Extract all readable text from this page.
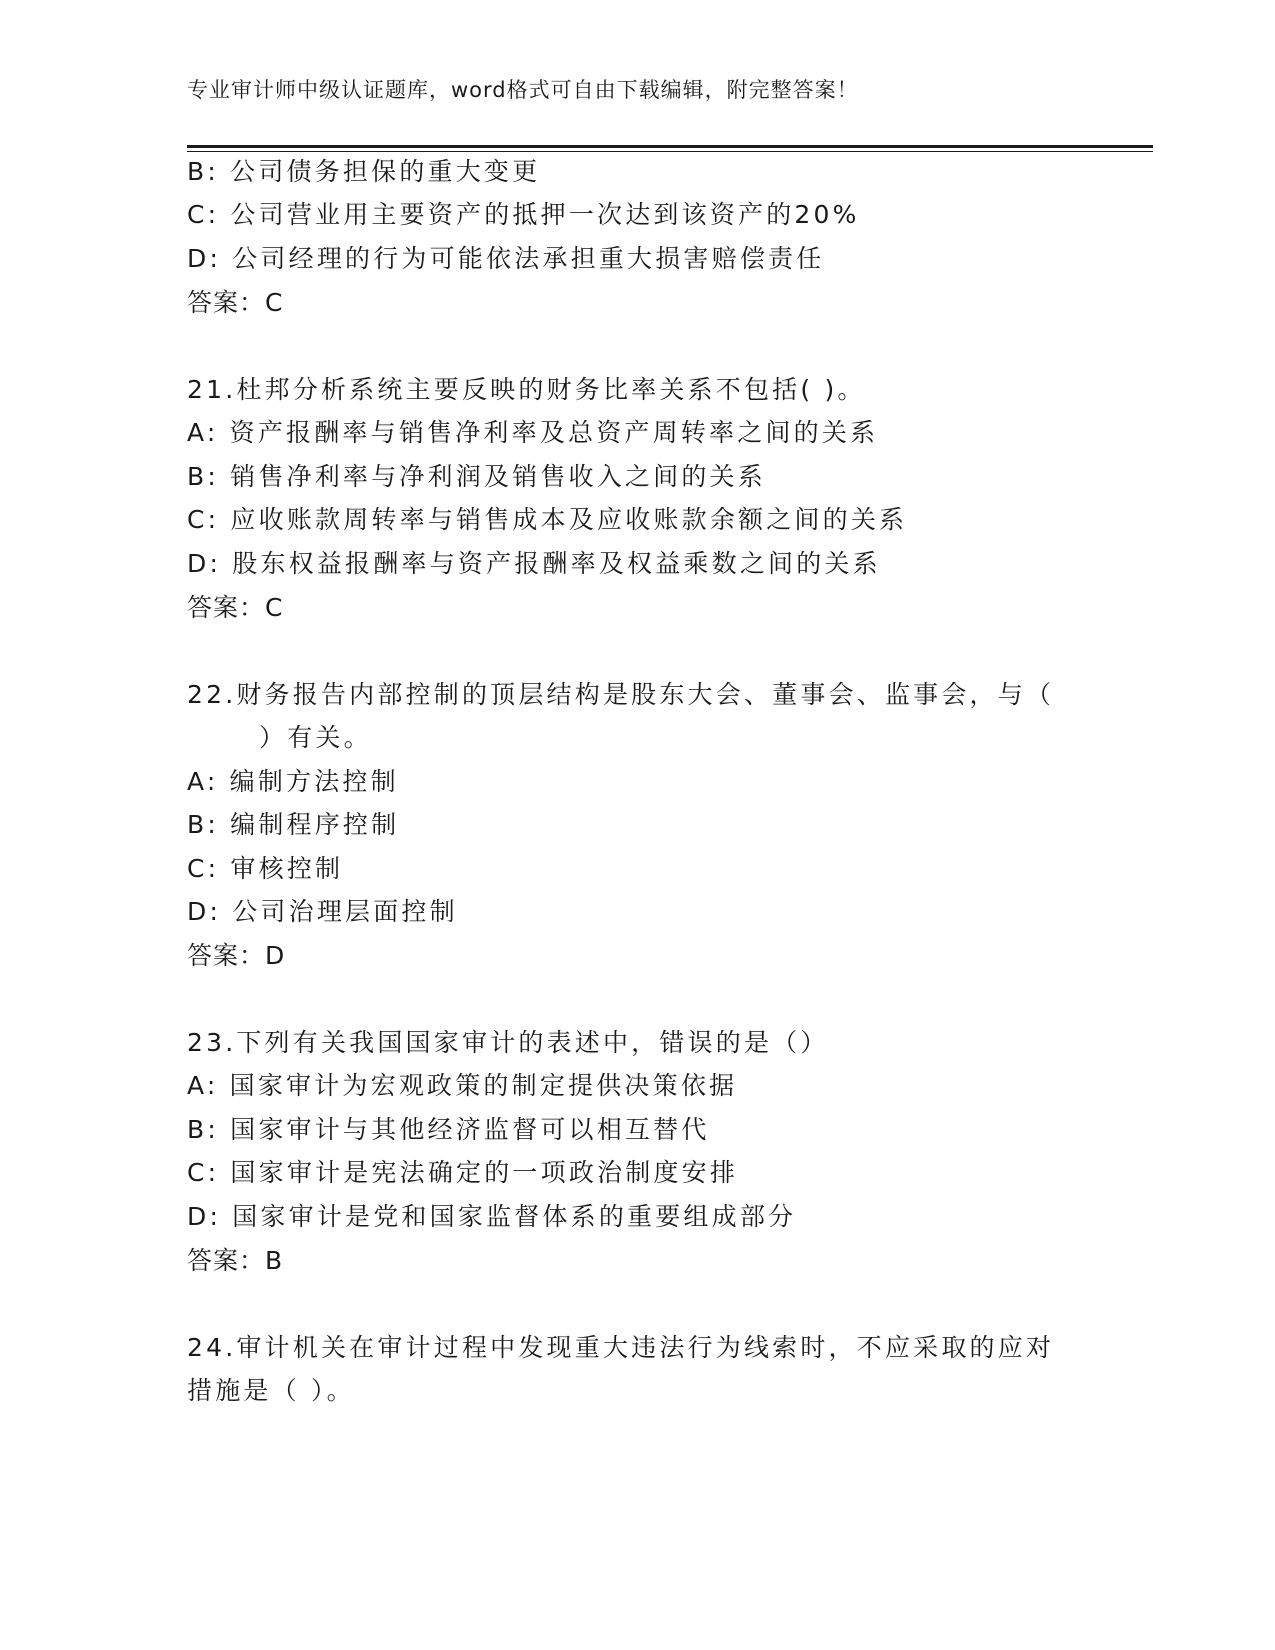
专业审计师中级认证题库，word格式可自由下载编辑，附完整答案！
B: 公司债务担保的重大变更
C: 公司营业用主要资产的抵押一次达到该资产的20%
D: 公司经理的行为可能依法承担重大损害赔偿责任
答案：C
21.杜邦分析系统主要反映的财务比率关系不包括( )。
A: 资产报酬率与销售净利率及总资产周转率之间的关系
B: 销售净利率与净利润及销售收入之间的关系
C: 应收账款周转率与销售成本及应收账款余额之间的关系
D: 股东权益报酬率与资产报酬率及权益乘数之间的关系
答案：C
22.财务报告内部控制的顶层结构是股东大会、董事会、监事会，与（
）有关。
A: 编制方法控制
B: 编制程序控制
C: 审核控制
D: 公司治理层面控制
答案：D
23.下列有关我国国家审计的表述中，错误的是（）
A: 国家审计为宏观政策的制定提供决策依据
B: 国家审计与其他经济监督可以相互替代
C: 国家审计是宪法确定的一项政治制度安排
D: 国家审计是党和国家监督体系的重要组成部分
答案：B
24.审计机关在审计过程中发现重大违法行为线索时，不应采取的应对
措施是（ ）。
